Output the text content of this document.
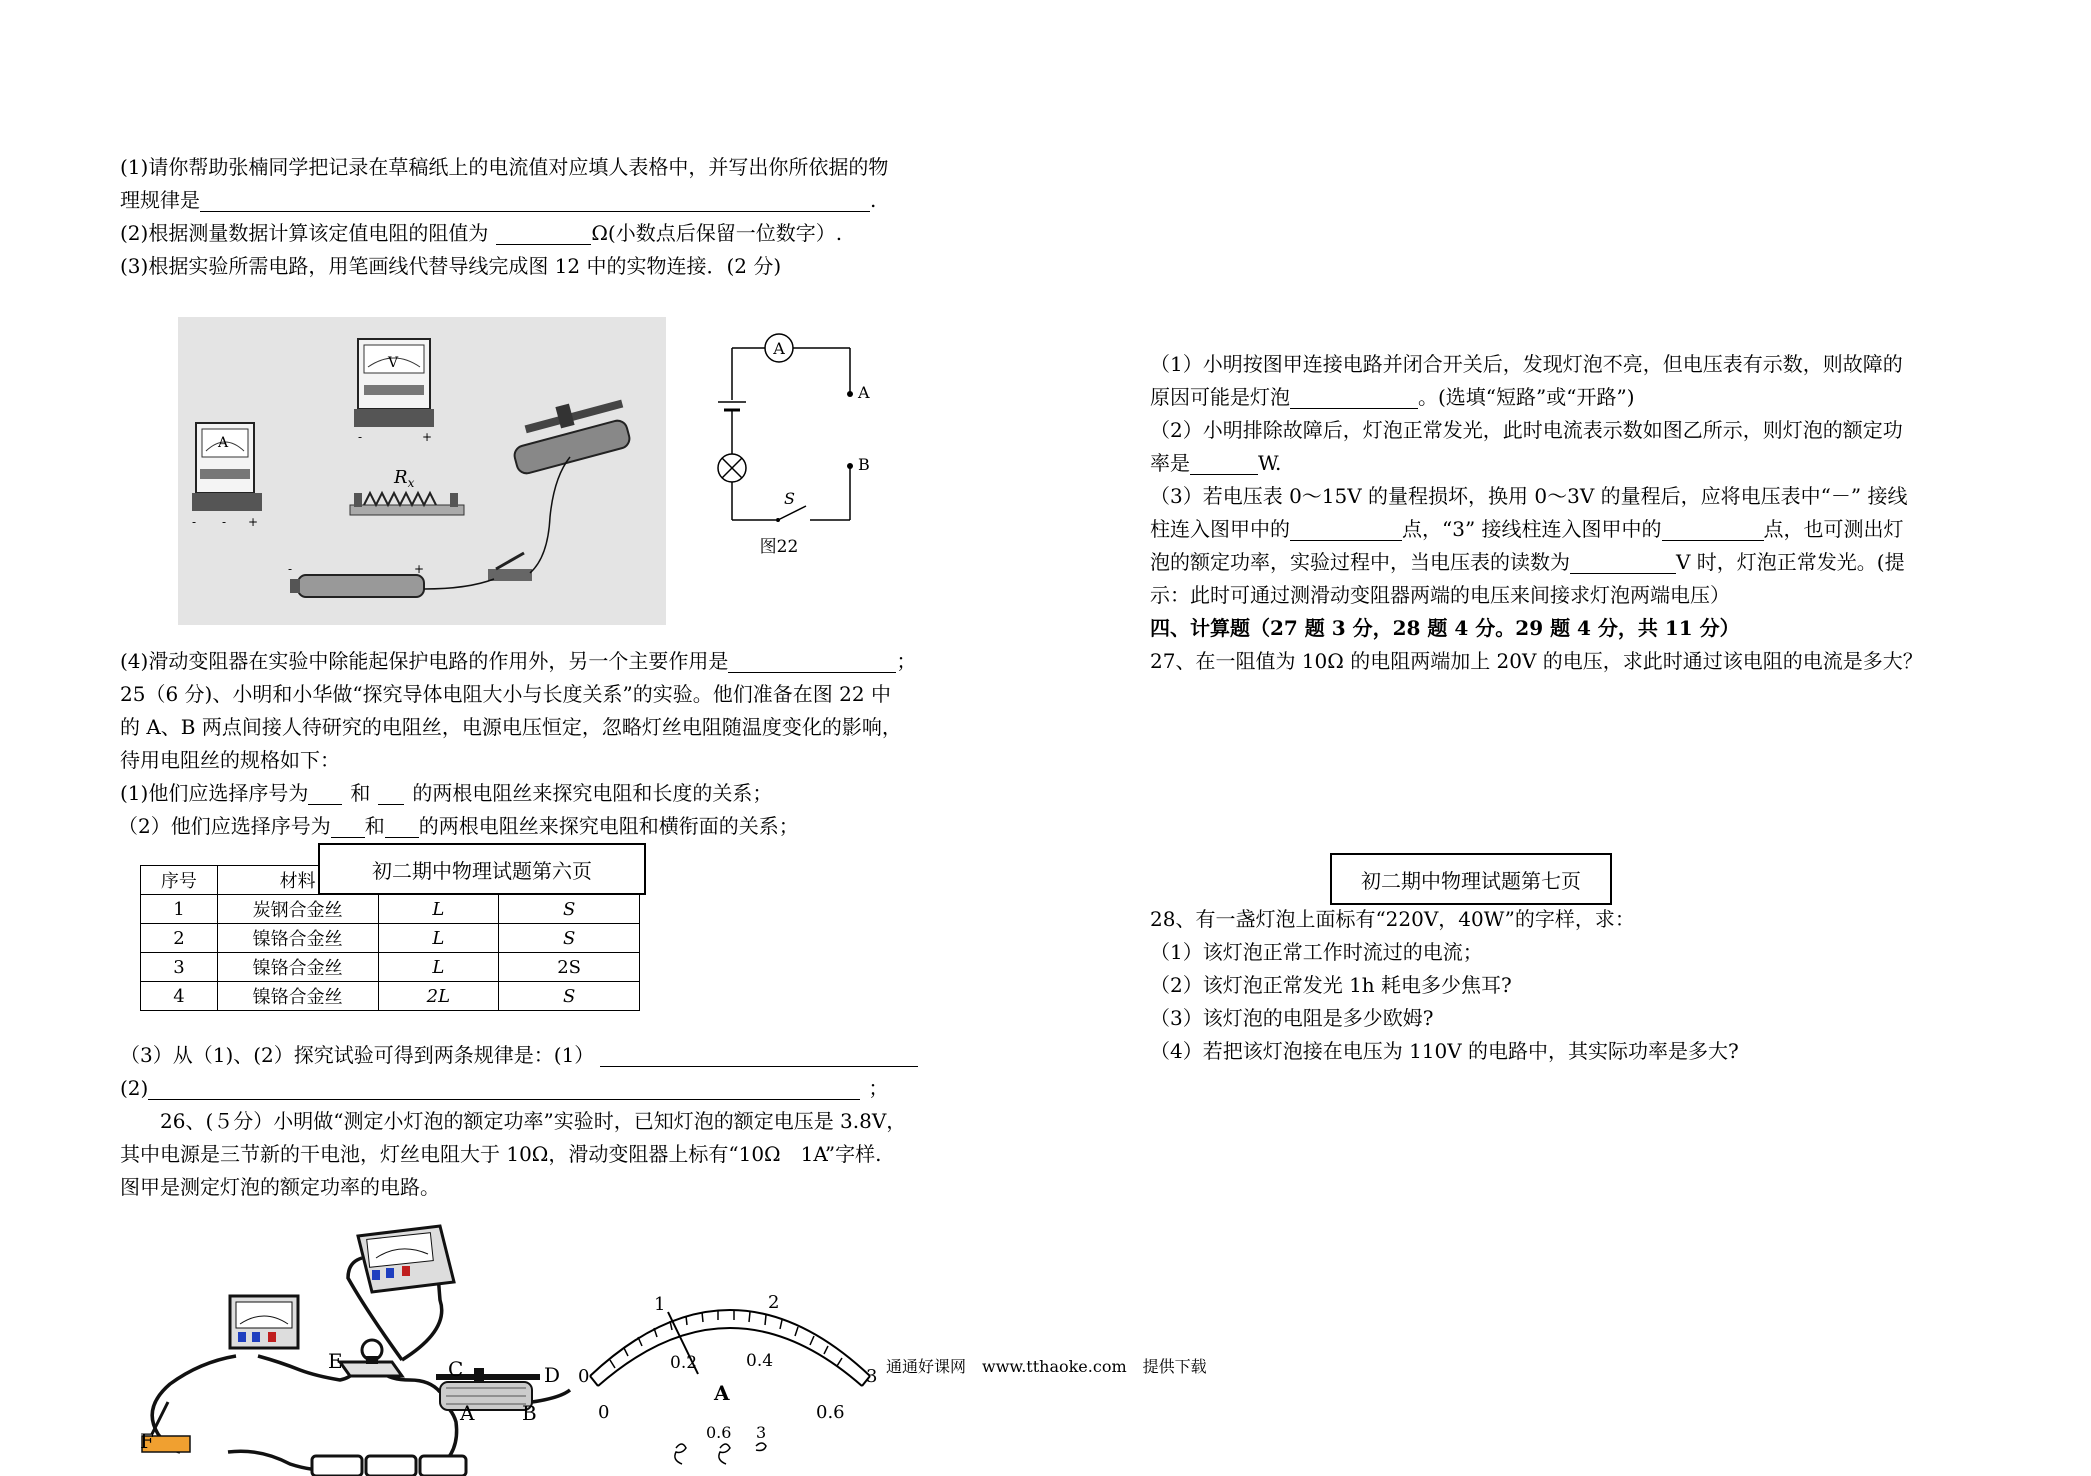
(1)请你帮助张楠同学把记录在草稿纸上的电流值对应填人表格中，并写出你所依据的物
理规律是	.
(2)根据测量数据计算该定值电阻的阻值为	Ω(小数点后保留一位数字）.
(3)根据实验所需电路，用笔画线代替导线完成图 12 中的实物连接．(2 分)
- - +
A	-	+
V
$R_x$
+
-
A
A
B
S
图22
(4)滑动变阻器在实验中除能起保护电路的作用外，另一个主要作用是	；
25（6 分)、小明和小华做“探究导体电阻大小与长度关系”的实验。他们准备在图 22 中
的 A、B 两点间接人待研究的电阻丝，电源电压恒定，忽略灯丝电阻随温度变化的影响，
待用电阻丝的规格如下：
(1)他们应选择序号为 和 的两根电阻丝来探究电阻和长度的关系；
（2）他们应选择序号为 和 的两根电阻丝来探究电阻和横衔面的关系；
序号	材料		
1	炭钢合金丝	L	S
2	镍铬合金丝	L	S
3	镍铬合金丝	L	2S
4	镍铬合金丝	2L	S
初二期中物理试题第六页
（3）从（1)、(2）探究试验可得到两条规律是：(1）
(2)	；
26、(５分）小明做“测定小灯泡的额定功率”实验时，已知灯泡的额定电压是 3.8V，
其中电源是三节新的干电池，灯丝电阻大于 10Ω，滑动变阻器上标有“10Ω　1A”字样.
图甲是测定灯泡的额定功率的电路。
C	D
A B
E
F
0
1	2
3
0
0.2	0.4
0.6
A
0.6 3
通通好课网　www.tthaoke.com　提供下载
（1）小明按图甲连接电路并闭合开关后，发现灯泡不亮，但电压表有示数，则故障的
原因可能是灯泡	。(选填“短路”或“开路”)
（2）小明排除故障后，灯泡正常发光，此时电流表示数如图乙所示，则灯泡的额定功
率是	W.
（3）若电压表 0～15V 的量程损坏，换用 0～3V 的量程后，应将电压表中“－” 接线
柱连入图甲中的	点，“3” 接线柱连入图甲中的	点，也可测出灯
泡的额定功率，实验过程中，当电压表的读数为	V 时，灯泡正常发光。(提
示：此时可通过测滑动变阻器两端的电压来间接求灯泡两端电压）
四、计算题（27 题 3 分，28 题 4 分。29 题 4 分，共 11 分）
27、在一阻值为 10Ω 的电阻两端加上 20V 的电压，求此时通过该电阻的电流是多大？
初二期中物理试题第七页
28、有一盏灯泡上面标有“220V，40W”的字样，求：
（1）该灯泡正常工作时流过的电流；
（2）该灯泡正常发光 1h 耗电多少焦耳?
（3）该灯泡的电阻是多少欧姆?
（4）若把该灯泡接在电压为 110V 的电路中，其实际功率是多大?
